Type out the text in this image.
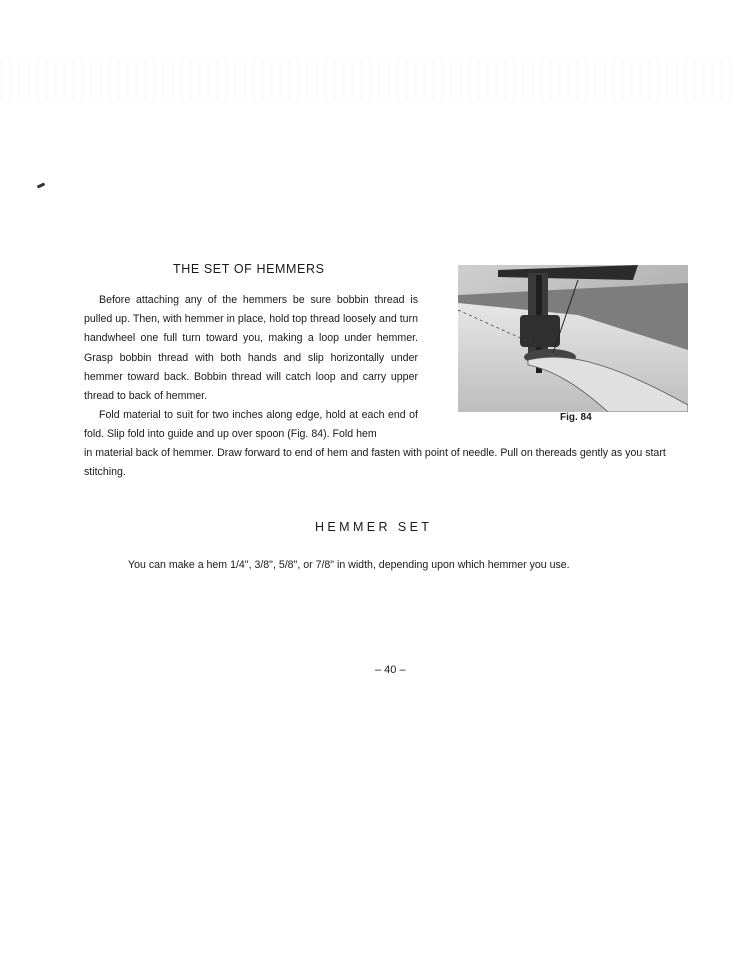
THE SET OF HEMMERS

Before attaching any of the hemmers be sure bobbin thread is pulled up. Then, with hemmer in place, hold top thread loosely and turn handwheel one full turn toward you, making a loop under hemmer. Grasp bobbin thread with both hands and slip horizontally under hemmer toward back. Bobbin thread will catch loop and carry upper thread to back of hemmer.

Fold material to suit for two inches along edge, hold at each end of fold. Slip fold into guide and up over spoon (Fig. 84). Fold hem

in material back of hemmer. Draw forward to end of hem and fasten with point of needle. Pull on thereads gently as you start stitching.

Fig. 84

HEMMER SET

You can make a hem 1/4", 3/8", 5/8", or 7/8" in width, depending upon which hemmer you use.

– 40 –
